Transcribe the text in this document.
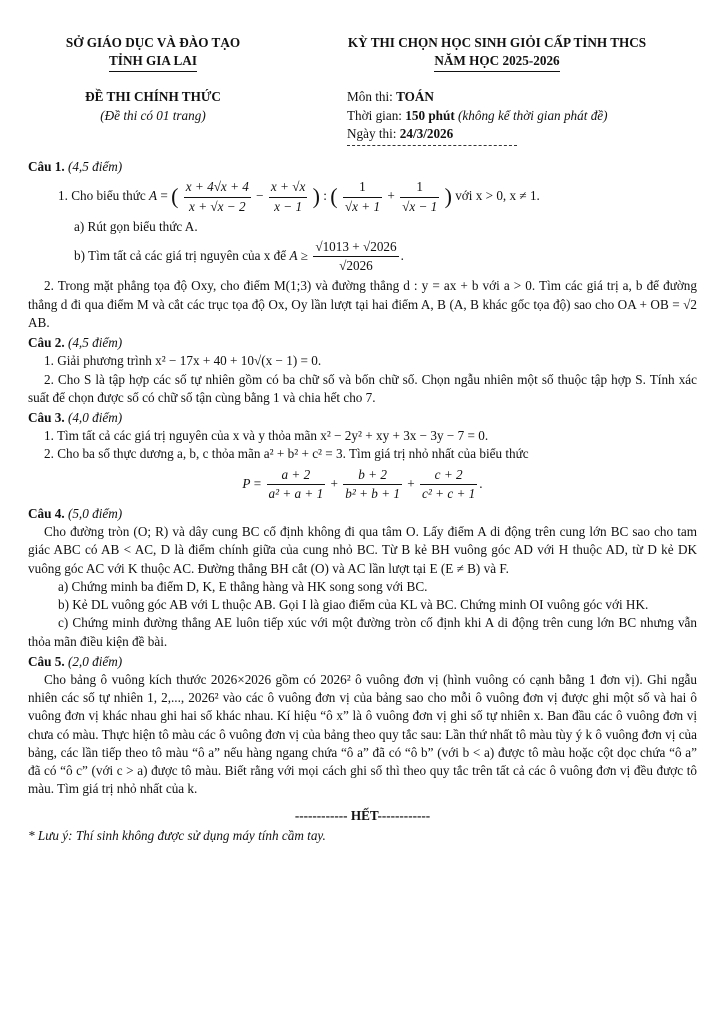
SỞ GIÁO DỤC VÀ ĐÀO TẠO
TỈNH GIA LAI
KỲ THI CHỌN HỌC SINH GIỎI CẤP TỈNH THCS
NĂM HỌC 2025-2026
ĐỀ THI CHÍNH THỨC
(Đề thi có 01 trang)
Môn thi: TOÁN
Thời gian: 150 phút (không kể thời gian phát đề)
Ngày thi: 24/3/2026
Câu 1. (4,5 điểm)

1. Cho biểu thức A = ( $\frac{x + 4√x + 4}{x + √x - 2} - \frac{x + √x}{x - 1}$ ) : ( $\frac{1}{√x + 1} + \frac{1}{√x - 1}$ ) với x > 0, x ≠ 1.

a) Rút gọn biểu thức A.

b) Tìm tất cả các giá trị nguyên của x để $A \ge \frac{√1013 + √2026}{√2026}$ .

2. Trong mặt phẳng tọa độ Oxy, cho điểm M(1;3) và đường thẳng d : y = ax + b với a > 0. Tìm các giá trị a, b để đường thẳng d đi qua điểm M và cắt các trục tọa độ Ox, Oy lần lượt tại hai điểm A, B (A, B khác gốc tọa độ) sao cho OA + OB = √2 AB.

Câu 2. (4,5 điểm)

1. Giải phương trình x² − 17x + 40 + 10√(x − 1) = 0.

2. Cho S là tập hợp các số tự nhiên gồm có ba chữ số và bốn chữ số. Chọn ngẫu nhiên một số thuộc tập hợp S. Tính xác suất để chọn được số có chữ số tận cùng bằng 1 và chia hết cho 7.

Câu 3. (4,0 điểm)

1. Tìm tất cả các giá trị nguyên của x và y thỏa mãn x² − 2y² + xy + 3x − 3y − 7 = 0.

2. Cho ba số thực dương a, b, c thỏa mãn a² + b² + c² = 3. Tìm giá trị nhỏ nhất của biểu thức

$P = \frac{a + 2}{\text{a² + a + 1}} + \frac{b + 2}{\text{b² + b + 1}} + \frac{c + 2}{\text{c² + c + 1}}$ .

Câu 4. (5,0 điểm)

Cho đường tròn (O; R) và dây cung BC cố định không đi qua tâm O. Lấy điểm A di động trên cung lớn BC sao cho tam giác ABC có AB < AC, D là điểm chính giữa của cung nhỏ BC. Từ B kẻ BH vuông góc AD với H thuộc AD, từ D kẻ DK vuông góc AC với K thuộc AC. Đường thẳng BH cắt (O) và AC lần lượt tại E (E ≠ B) và F.

a) Chứng minh ba điểm D, K, E thẳng hàng và HK song song với BC.

b) Kẻ DL vuông góc AB với L thuộc AB. Gọi I là giao điểm của KL và BC. Chứng minh OI vuông góc với HK.

c) Chứng minh đường thẳng AE luôn tiếp xúc với một đường tròn cố định khi A di động trên cung lớn BC nhưng vẫn thỏa mãn điều kiện đề bài.

Câu 5. (2,0 điểm)

Cho bảng ô vuông kích thước 2026×2026 gồm có 2026² ô vuông đơn vị (hình vuông có cạnh bằng 1 đơn vị). Ghi ngẫu nhiên các số tự nhiên 1, 2,..., 2026² vào các ô vuông đơn vị của bảng sao cho mỗi ô vuông đơn vị được ghi một số và hai ô vuông đơn vị khác nhau ghi hai số khác nhau. Kí hiệu “ô x” là ô vuông đơn vị ghi số tự nhiên x. Ban đầu các ô vuông đơn vị chưa có màu. Thực hiện tô màu các ô vuông đơn vị của bảng theo quy tắc sau: Lần thứ nhất tô màu tùy ý k ô vuông đơn vị của bảng, các lần tiếp theo tô màu “ô a” nếu hàng ngang chứa “ô a” đã có “ô b” (với b < a) được tô màu hoặc cột dọc chứa “ô a” đã có “ô c” (với c > a) được tô màu. Biết rằng với mọi cách ghi số thì theo quy tắc trên tất cả các ô vuông đơn vị đều được tô màu. Tìm giá trị nhỏ nhất của k.

------------ HẾT------------
* Lưu ý: Thí sinh không được sử dụng máy tính cầm tay.
